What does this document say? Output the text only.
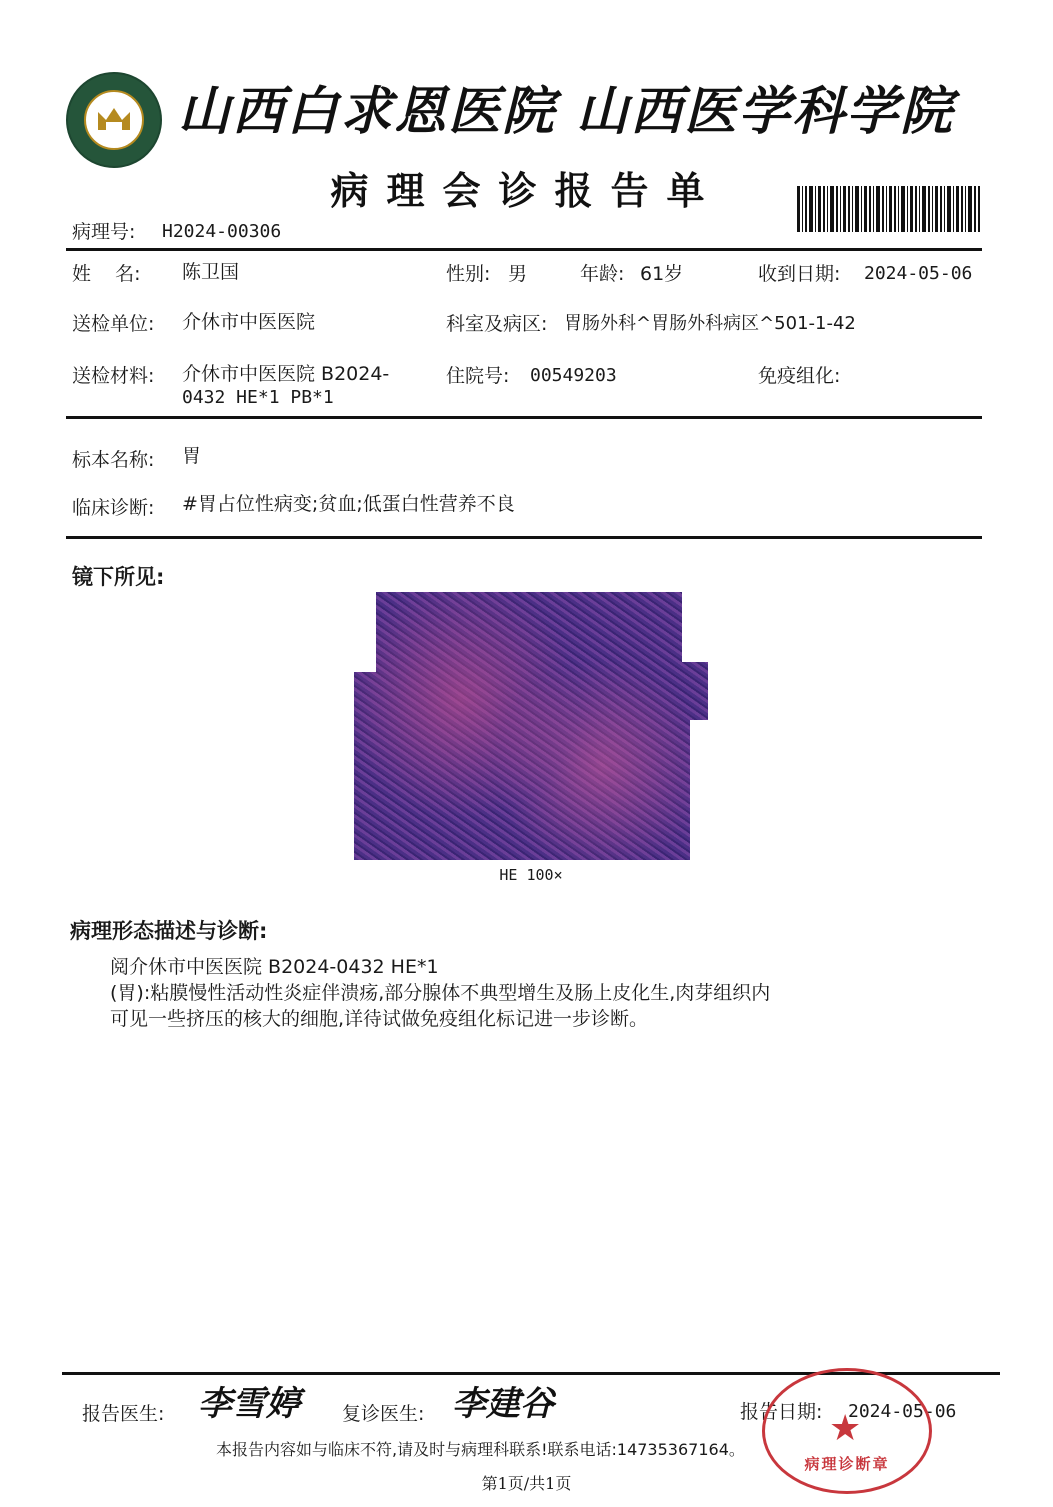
山西白求恩医院 山西医学科学院
病理会诊报告单
病理号: H2024-00306
姓    名: 陈卫国	性别: 男	年龄: 61岁	收到日期: 2024-05-06
送检单位: 介休市中医医院	科室及病区: 胃肠外科^胃肠外科病区^501-1-42
送检材料: 介休市中医医院 B2024-
0432 HE*1 PB*1
住院号: 00549203	免疫组化:
标本名称: 胃
临床诊断: #胃占位性病变;贫血;低蛋白性营养不良
镜下所见:
HE 100×
病理形态描述与诊断:
阅介休市中医医院 B2024-0432 HE*1
(胃):粘膜慢性活动性炎症伴溃疡,部分腺体不典型增生及肠上皮化生,肉芽组织内
可见一些挤压的核大的细胞,详待试做免疫组化标记进一步诊断。
报告医生: 李雪婷 复诊医生: 李建谷	报告日期: 2024-05-06
本报告内容如与临床不符,请及时与病理科联系!联系电话:14735367164。
第1页/共1页
★
病理诊断章
